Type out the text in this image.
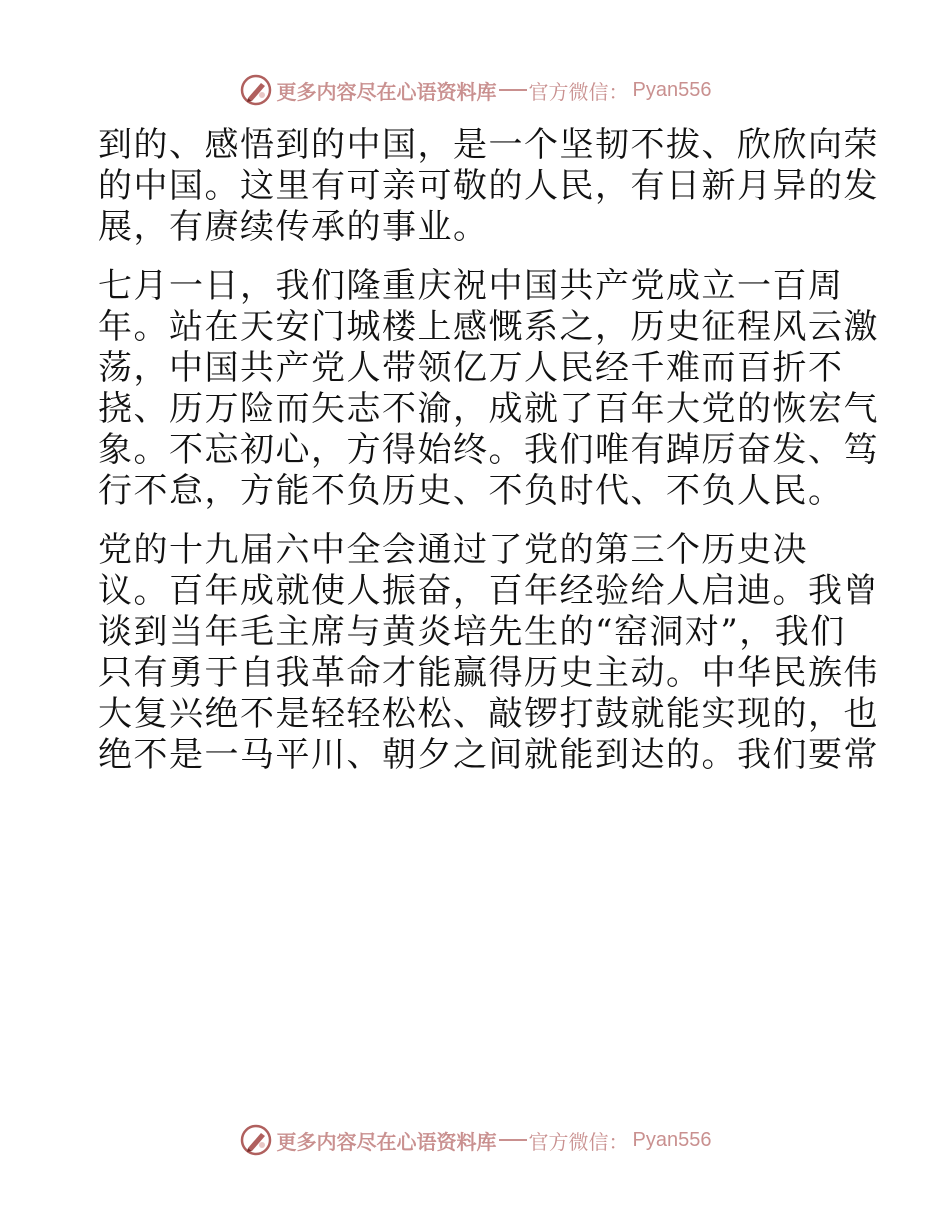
更多内容尽在心语资料库 官方微信： Pyan556
到的、感悟到的中国，是一个坚韧不拔、欣欣向荣
的中国。这里有可亲可敬的人民，有日新月异的发
展，有赓续传承的事业。
七月一日，我们隆重庆祝中国共产党成立一百周
年。站在天安门城楼上感慨系之，历史征程风云激
荡，中国共产党人带领亿万人民经千难而百折不
挠、历万险而矢志不渝，成就了百年大党的恢宏气
象。不忘初心，方得始终。我们唯有踔厉奋发、笃
行不怠，方能不负历史、不负时代、不负人民。
党的十九届六中全会通过了党的第三个历史决
议。百年成就使人振奋，百年经验给人启迪。我曾
谈到当年毛主席与黄炎培先生的“窑洞对”，我们
只有勇于自我革命才能赢得历史主动。中华民族伟
大复兴绝不是轻轻松松、敲锣打鼓就能实现的，也
绝不是一马平川、朝夕之间就能到达的。我们要常
更多内容尽在心语资料库 官方微信： Pyan556
